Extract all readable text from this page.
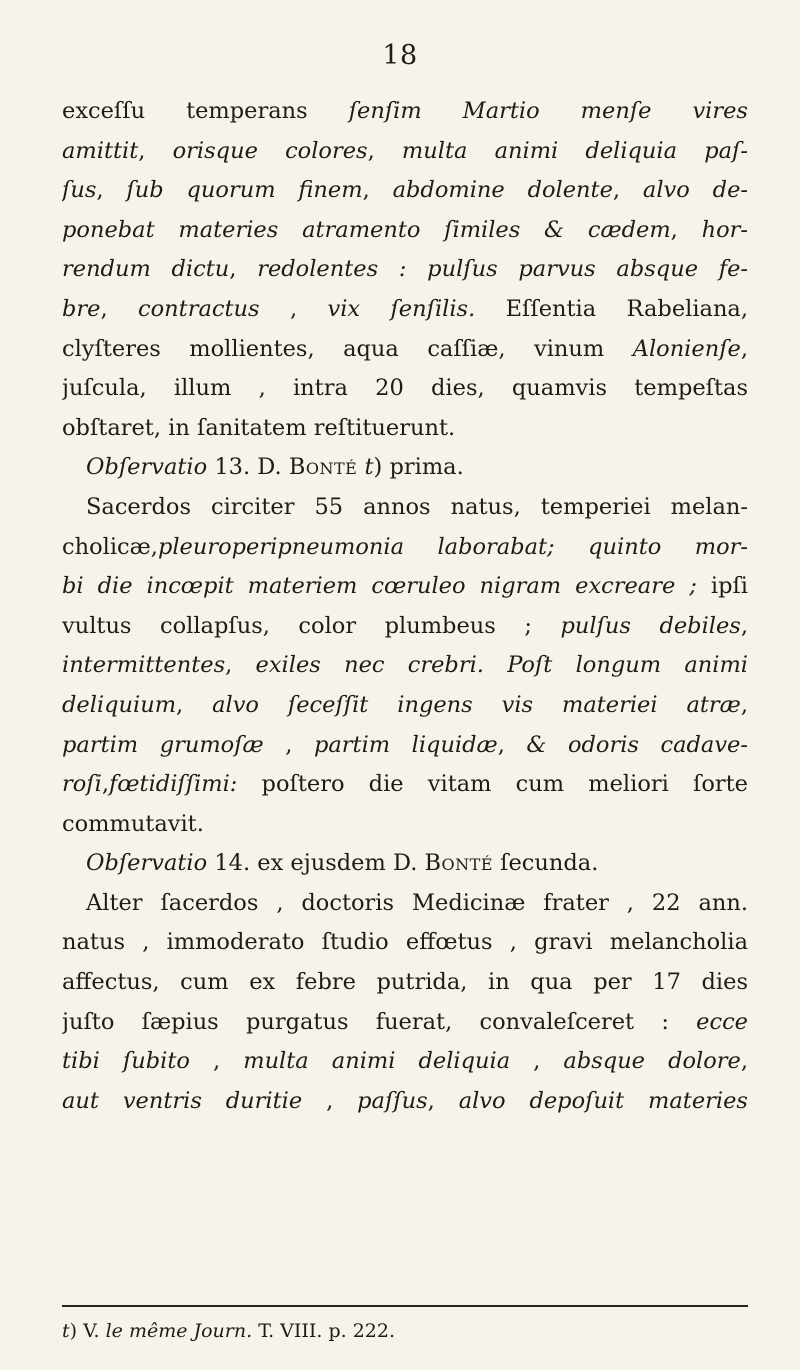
18
exceſſu temperans ſenſim Martio menſe vires
amittit, orisque colores, multa animi deliquia paſ-
ſus, ſub quorum finem, abdomine dolente, alvo de-
ponebat materies atramento ſimiles & cædem, hor-
rendum dictu, redolentes : pulſus parvus absque fe-
bre, contractus , vix ſenſilis. Eſſentia Rabeliana,
clyſteres mollientes, aqua caſſiæ, vinum Alonienſe,
juſcula, illum , intra 20 dies, quamvis tempeſtas
obſtaret, in ſanitatem reſtituerunt.
Obſervatio 13. D. Bonté t) prima.
Sacerdos circiter 55 annos natus, temperiei melan-
cholicæ,pleuroperipneumonia laborabat; quinto mor-
bi die incœpit materiem cœruleo nigram excreare ; ipſi
vultus collapſus, color plumbeus ; pulſus debiles,
intermittentes, exiles nec crebri. Poſt longum animi
deliquium, alvo ſeceſſit ingens vis materiei atræ,
partim grumoſæ , partim liquidæ, & odoris cadave-
roſi,fœtidiſſimi: poſtero die vitam cum meliori ſorte
commutavit.
Obſervatio 14. ex ejusdem D. Bonté ſecunda.
Alter ſacerdos , doctoris Medicinæ frater , 22 ann.
natus , immoderato ſtudio effœtus , gravi melancholia
affectus, cum ex febre putrida, in qua per 17 dies
juſto ſæpius purgatus fuerat, convaleſceret : ecce
tibi ſubito , multa animi deliquia , absque dolore,
aut ventris duritie , paſſus, alvo depoſuit materies
t) V. le même Journ. T. VIII. p. 222.
